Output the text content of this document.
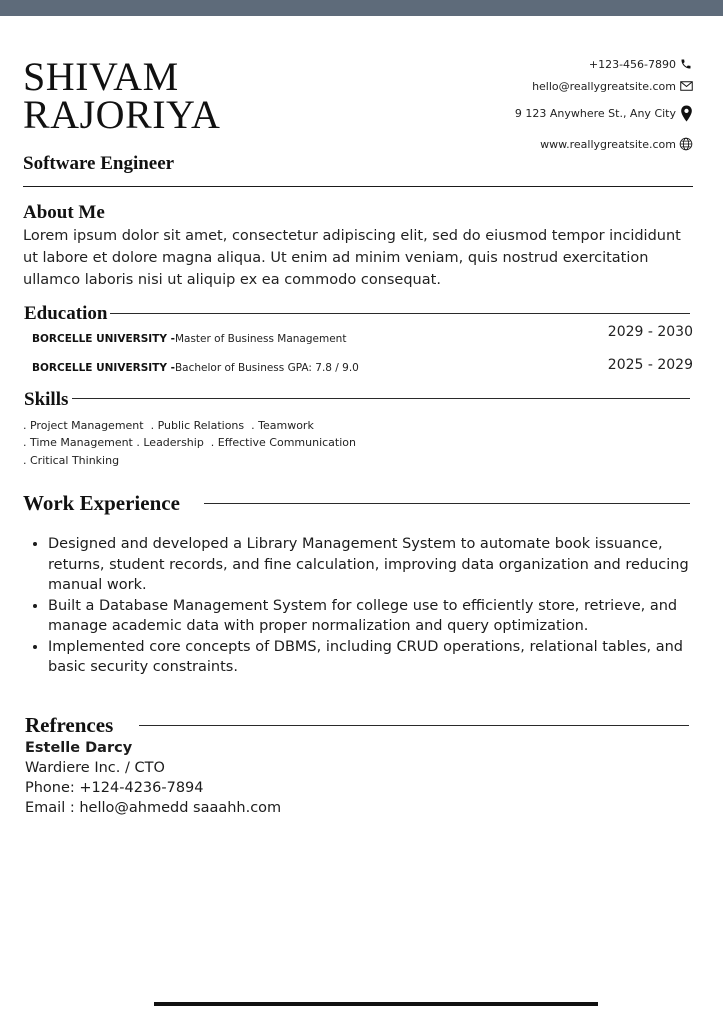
SHIVAM
RAJORIYA
Software Engineer
+123-456-7890
hello@reallygreatsite.com
9 123 Anywhere St., Any City
www.reallygreatsite.com
About Me
Lorem ipsum dolor sit amet, consectetur adipiscing elit, sed do eiusmod tempor incididunt ut labore et dolore magna aliqua. Ut enim ad minim veniam, quis nostrud exercitation ullamco laboris nisi ut aliquip ex ea commodo consequat.
Education
BORCELLE UNIVERSITY -Master of Business Management	2029 - 2030
BORCELLE UNIVERSITY -Bachelor of Business GPA: 7.8 / 9.0	2025 - 2029
Skills
. Project Management  . Public Relations  . Teamwork
. Time Management . Leadership  . Effective Communication
. Critical Thinking
Work Experience
• Designed and developed a Library Management System to automate book issuance, returns, student records, and fine calculation, improving data organization and reducing manual work.
• Built a Database Management System for college use to efficiently store, retrieve, and manage academic data with proper normalization and query optimization.
• Implemented core concepts of DBMS, including CRUD operations, relational tables, and basic security constraints.
Refrences
Estelle Darcy
Wardiere Inc. / CTO
Phone: +124-4236-7894
Email : hello@ahmedd saaahh.com
